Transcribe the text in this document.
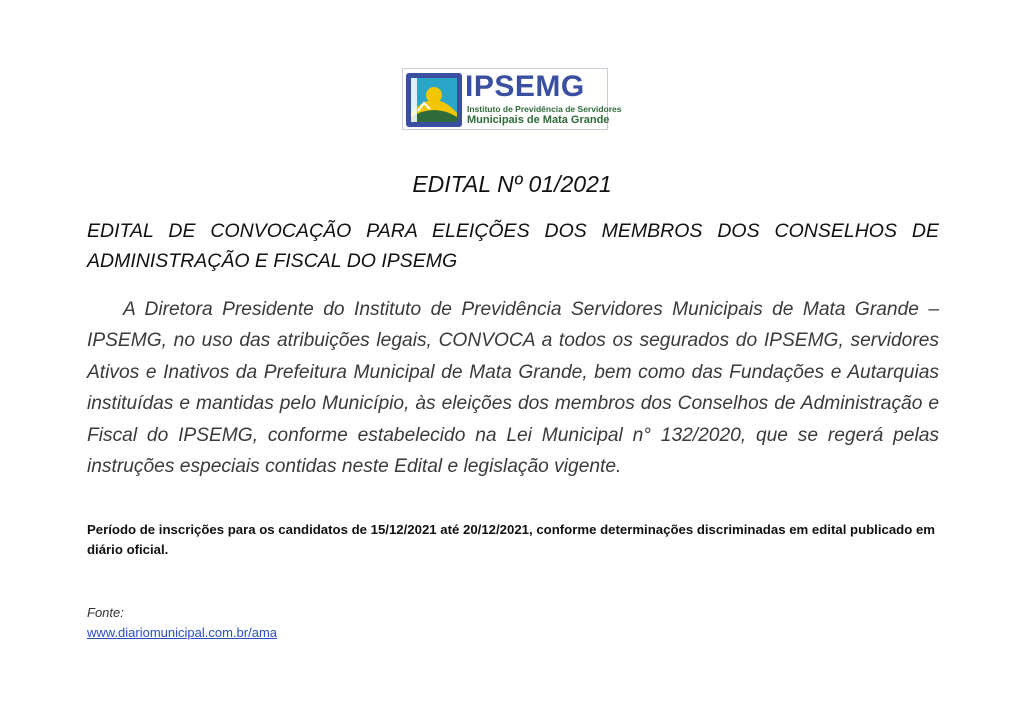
IPSEMG
Instituto de Previdência de Servidores
Municipais de Mata Grande
EDITAL Nº 01/2021
EDITAL DE CONVOCAÇÃO PARA ELEIÇÕES DOS MEMBROS DOS CONSELHOS DE ADMINISTRAÇÃO E FISCAL DO IPSEMG
A Diretora Presidente do Instituto de Previdência Servidores Municipais de Mata Grande – IPSEMG, no uso das atribuições legais, CONVOCA a todos os segurados do IPSEMG, servidores Ativos e Inativos da Prefeitura Municipal de Mata Grande, bem como das Fundações e Autarquias instituídas e mantidas pelo Município, às eleições dos membros dos Conselhos de Administração e Fiscal do IPSEMG, conforme estabelecido na Lei Municipal n° 132/2020, que se regerá pelas instruções especiais contidas neste Edital e legislação vigente.
Período de inscrições para os candidatos de 15/12/2021 até 20/12/2021, conforme determinações discriminadas em edital publicado em diário oficial.
Fonte:
www.diariomunicipal.com.br/ama
